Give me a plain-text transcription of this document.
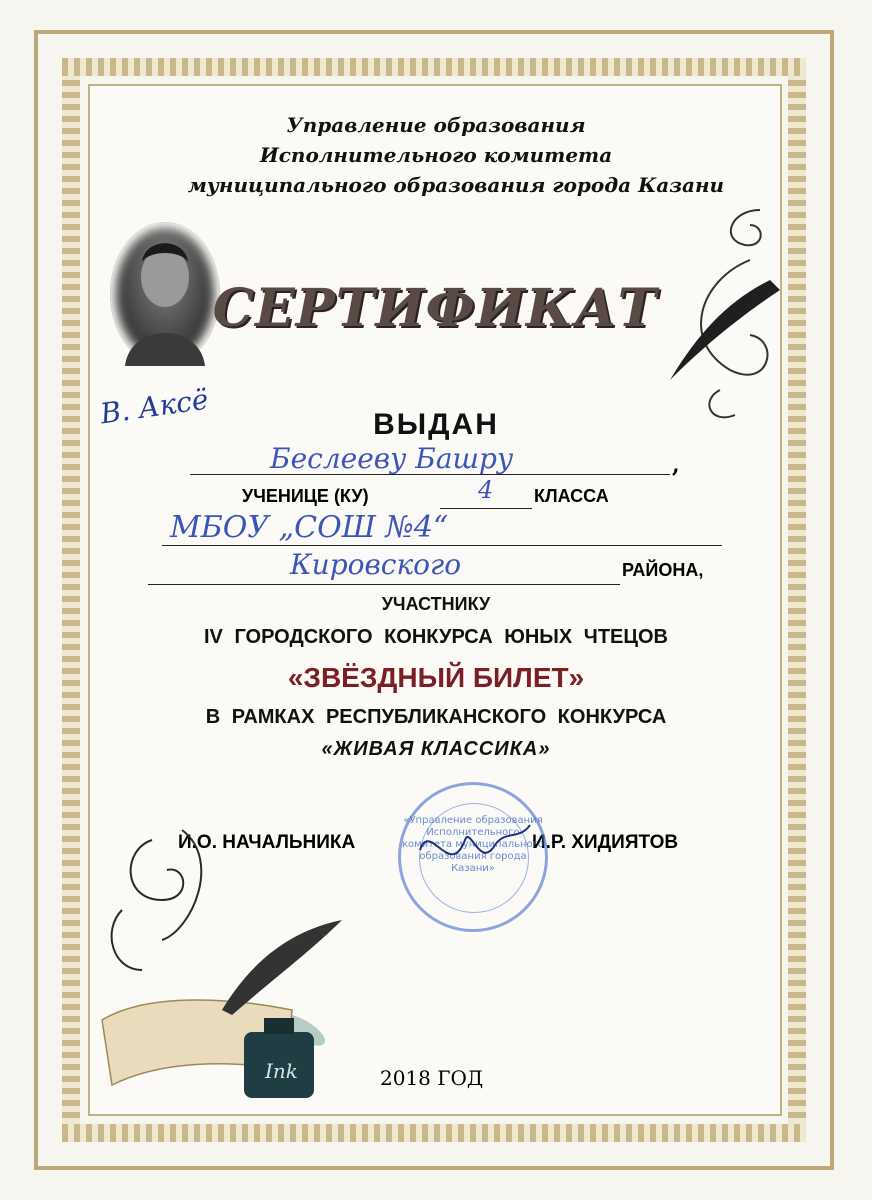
Управление образования
Исполнительного комитета
муниципального образования города Казани
СЕРТИФИКАТ
В. Аксё	ВЫДАН
Беслееву Башру	,
УЧЕНИЦЕ (КУ)	4 КЛАССА
МБОУ „СОШ №4“
Кировского	РАЙОНА,
УЧАСТНИКУ
IV ГОРОДСКОГО КОНКУРСА ЮНЫХ ЧТЕЦОВ
«ЗВЁЗДНЫЙ БИЛЕТ»
В РАМКАХ РЕСПУБЛИКАНСКОГО КОНКУРСА
«ЖИВАЯ КЛАССИКА»
И.О. НАЧАЛЬНИКА	И.Р. ХИДИЯТОВ
«Управление образования Исполнительного комитета муниципального образования города Казани»
Ink	2018 ГОД
